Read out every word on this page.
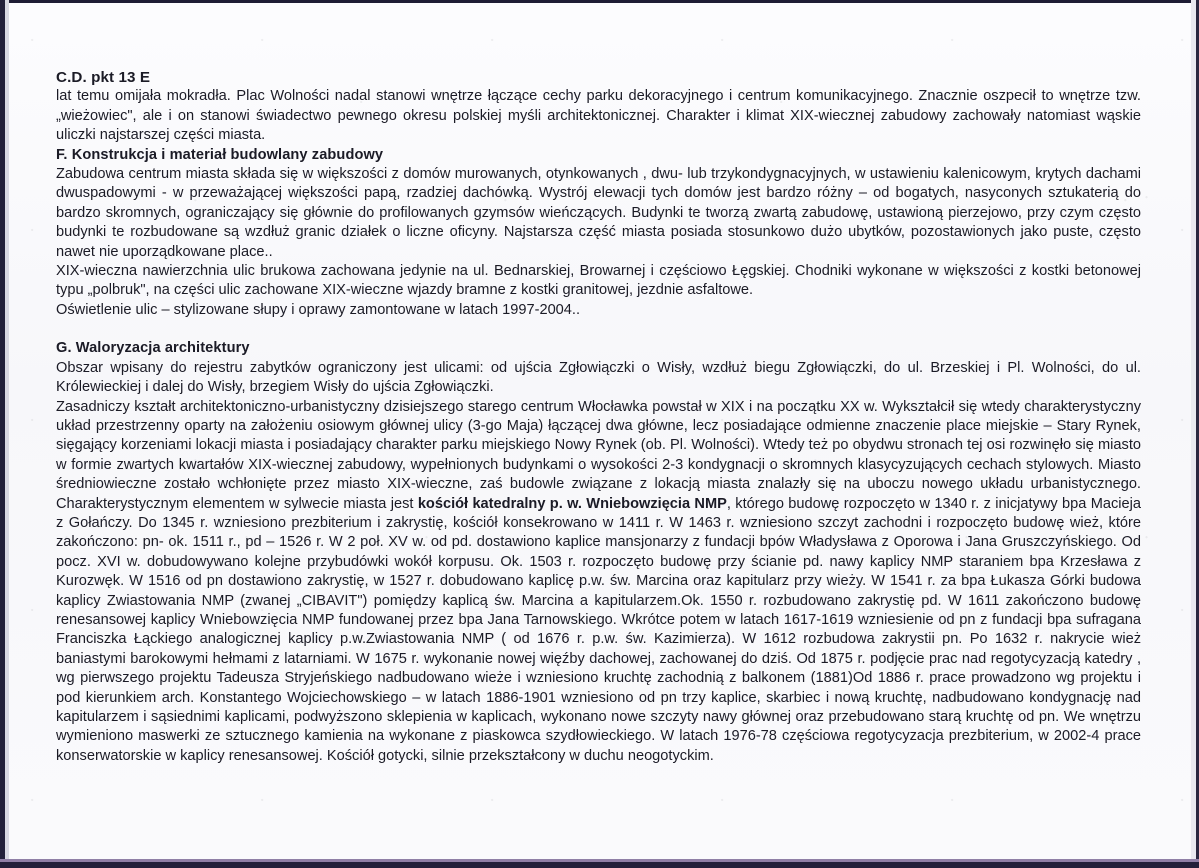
C.D. pkt 13 E

lat temu omijała mokradła. Plac Wolności nadal stanowi wnętrze łączące cechy parku dekoracyjnego i centrum komunikacyjnego. Znacznie oszpecił to wnętrze tzw. „wieżowiec", ale i on stanowi świadectwo pewnego okresu polskiej myśli architektonicznej. Charakter i klimat XIX-wiecznej zabudowy zachowały natomiast wąskie uliczki najstarszej części miasta.

F. Konstrukcja i materiał budowlany zabudowy

Zabudowa centrum miasta składa się w większości z domów murowanych, otynkowanych , dwu- lub trzykondygnacyjnych, w ustawieniu kalenicowym, krytych dachami dwuspadowymi - w przeważającej większości papą, rzadziej dachówką. Wystrój elewacji tych domów jest bardzo różny – od bogatych, nasyconych sztukaterią do bardzo skromnych, ograniczający się głównie do profilowanych gzymsów wieńczących. Budynki te tworzą zwartą zabudowę, ustawioną pierzejowo, przy czym często budynki te rozbudowane są wzdłuż granic działek o liczne oficyny. Najstarsza część miasta posiada stosunkowo dużo ubytków, pozostawionych jako puste, często nawet nie uporządkowane place..

XIX-wieczna nawierzchnia ulic brukowa zachowana jedynie na ul. Bednarskiej, Browarnej i częściowo Łęgskiej. Chodniki wykonane w większości z kostki betonowej typu „polbruk", na części ulic zachowane XIX-wieczne wjazdy bramne z kostki granitowej, jezdnie asfaltowe.

Oświetlenie ulic – stylizowane słupy i oprawy zamontowane w latach 1997-2004..

G. Waloryzacja architektury

Obszar wpisany do rejestru zabytków ograniczony jest ulicami: od ujścia Zgłowiączki o Wisły, wzdłuż biegu Zgłowiączki, do ul. Brzeskiej i Pl. Wolności, do ul. Królewieckiej i dalej do Wisły, brzegiem Wisły do ujścia Zgłowiączki.

Zasadniczy kształt architektoniczno-urbanistyczny dzisiejszego starego centrum Włocławka powstał w XIX i na początku XX w. Wykształcił się wtedy charakterystyczny układ przestrzenny oparty na założeniu osiowym głównej ulicy (3-go Maja) łączącej dwa główne, lecz posiadające odmienne znaczenie place miejskie – Stary Rynek, sięgający korzeniami lokacji miasta i posiadający charakter parku miejskiego Nowy Rynek (ob. Pl. Wolności). Wtedy też po obydwu stronach tej osi rozwinęło się miasto w formie zwartych kwartałów XIX-wiecznej zabudowy, wypełnionych budynkami o wysokości 2-3 kondygnacji o skromnych klasycyzujących cechach stylowych. Miasto średniowieczne zostało wchłonięte przez miasto XIX-wieczne, zaś budowle związane z lokacją miasta znalazły się na uboczu nowego układu urbanistycznego. Charakterystycznym elementem w sylwecie miasta jest kościół katedralny p. w. Wniebowzięcia NMP, którego budowę rozpoczęto w 1340 r. z inicjatywy bpa Macieja z Gołańczy. Do 1345 r. wzniesiono prezbiterium i zakrystię, kościół konsekrowano w 1411 r. W 1463 r. wzniesiono szczyt zachodni i rozpoczęto budowę wież, które zakończono: pn- ok. 1511 r., pd – 1526 r. W 2 poł. XV w. od pd. dostawiono kaplice mansjonarzy z fundacji bpów Władysława z Oporowa i Jana Gruszczyńskiego. Od pocz. XVI w. dobudowywano kolejne przybudówki wokół korpusu. Ok. 1503 r. rozpoczęto budowę przy ścianie pd. nawy kaplicy NMP staraniem bpa Krzesława z Kurozwęk. W 1516 od pn dostawiono zakrystię, w 1527 r. dobudowano kaplicę p.w. św. Marcina oraz kapitularz przy wieży. W 1541 r. za bpa Łukasza Górki budowa kaplicy Zwiastowania NMP (zwanej „CIBAVIT") pomiędzy kaplicą św. Marcina a kapitularzem.Ok. 1550 r. rozbudowano zakrystię pd. W 1611 zakończono budowę renesansowej kaplicy Wniebowzięcia NMP fundowanej przez bpa Jana Tarnowskiego. Wkrótce potem w latach 1617-1619 wzniesienie od pn z fundacji bpa sufragana Franciszka Łąckiego analogicznej kaplicy p.w.Zwiastowania NMP ( od 1676 r. p.w. św. Kazimierza). W 1612 rozbudowa zakrystii pn. Po 1632 r. nakrycie wież baniastymi barokowymi hełmami z latarniami. W 1675 r. wykonanie nowej więźby dachowej, zachowanej do dziś. Od 1875 r. podjęcie prac nad regotycyzacją katedry , wg pierwszego projektu Tadeusza Stryjeńskiego nadbudowano wieże i wzniesiono kruchtę zachodnią z balkonem (1881)Od 1886 r. prace prowadzono wg projektu i pod kierunkiem arch. Konstantego Wojciechowskiego – w latach 1886-1901 wzniesiono od pn trzy kaplice, skarbiec i nową kruchtę, nadbudowano kondygnację nad kapitularzem i sąsiednimi kaplicami, podwyższono sklepienia w kaplicach, wykonano nowe szczyty nawy głównej oraz przebudowano starą kruchtę od pn. We wnętrzu wymieniono maswerki ze sztucznego kamienia na wykonane z piaskowca szydłowieckiego. W latach 1976-78 częściowa regotycyzacja prezbiterium, w 2002-4 prace konserwatorskie w kaplicy renesansowej. Kościół gotycki, silnie przekształcony w duchu neogotyckim.
